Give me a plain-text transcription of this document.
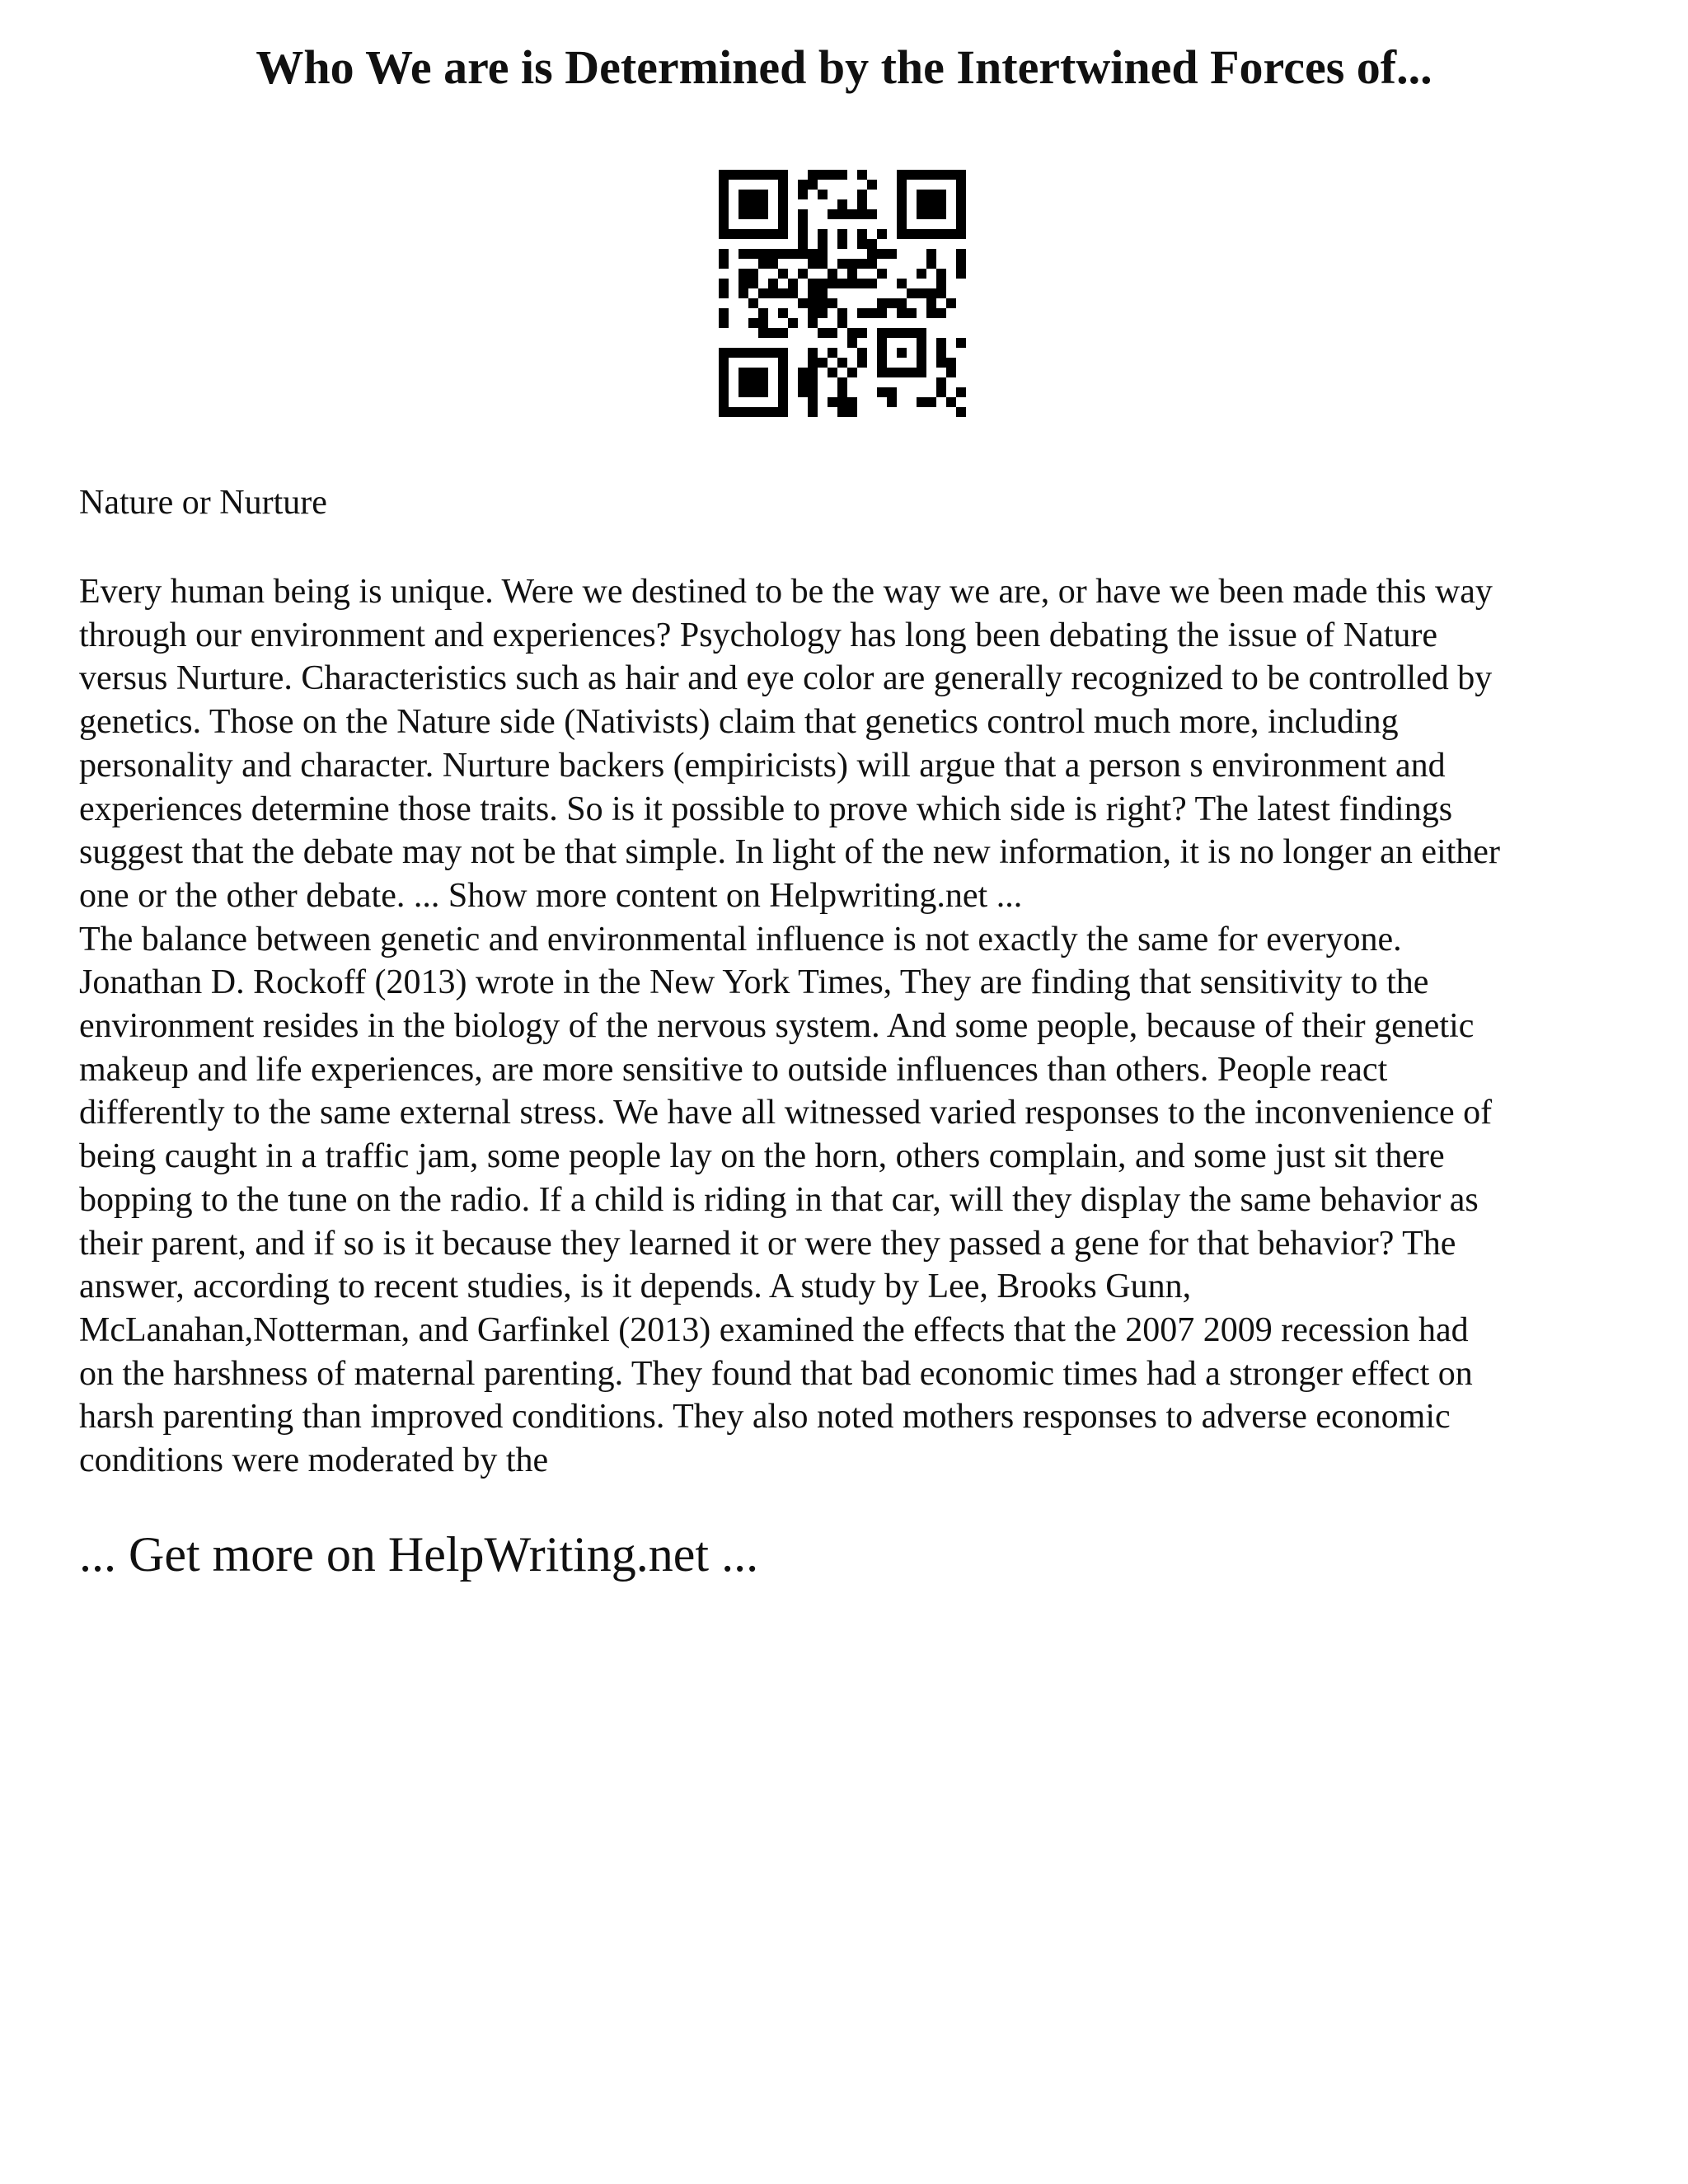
Who We are is Determined by the Intertwined Forces of...
Nature or Nurture
Every human being is unique. Were we destined to be the way we are, or have we been made this way
through our environment and experiences? Psychology has long been debating the issue of Nature
versus Nurture. Characteristics such as hair and eye color are generally recognized to be controlled by
genetics. Those on the Nature side (Nativists) claim that genetics control much more, including
personality and character. Nurture backers (empiricists) will argue that a person s environment and
experiences determine those traits. So is it possible to prove which side is right? The latest findings
suggest that the debate may not be that simple. In light of the new information, it is no longer an either
one or the other debate. ... Show more content on Helpwriting.net ...
The balance between genetic and environmental influence is not exactly the same for everyone.
Jonathan D. Rockoff (2013) wrote in the New York Times, They are finding that sensitivity to the
environment resides in the biology of the nervous system. And some people, because of their genetic
makeup and life experiences, are more sensitive to outside influences than others. People react
differently to the same external stress. We have all witnessed varied responses to the inconvenience of
being caught in a traffic jam, some people lay on the horn, others complain, and some just sit there
bopping to the tune on the radio. If a child is riding in that car, will they display the same behavior as
their parent, and if so is it because they learned it or were they passed a gene for that behavior? The
answer, according to recent studies, is it depends. A study by Lee, Brooks Gunn,
McLanahan,Notterman, and Garfinkel (2013) examined the effects that the 2007 2009 recession had
on the harshness of maternal parenting. They found that bad economic times had a stronger effect on
harsh parenting than improved conditions. They also noted mothers responses to adverse economic
conditions were moderated by the
... Get more on HelpWriting.net ...
